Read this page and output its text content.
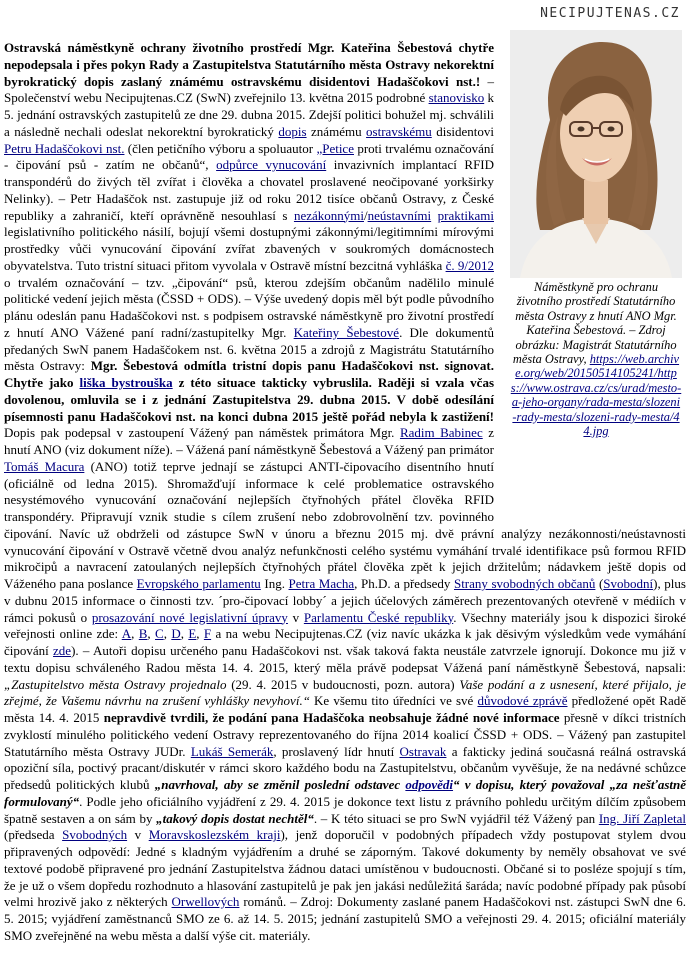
NECIPUJTENAS.CZ
Náměstkyně pro ochranu životního prostředí Statutárního města Ostravy z hnutí ANO Mgr. Kateřina Šebestová. – Zdroj obrázku: Magistrát Statutárního města Ostravy, https://web.archive.org/web/20150514105241/https://www.ostrava.cz/cs/urad/mesto-a-jeho-organy/rada-mesta/slozeni-rady-mesta/slozeni-rady-mesta/44.jpg

Ostravská náměstkyně ochrany životního prostředí Mgr. Kateřina Šebestová chytře nepodepsala i přes pokyn Rady a Zastupitelstva Statutárního města Ostravy nekorektní byrokratický dopis zaslaný známému ostravskému disidentovi Hadaščokovi nst.! – Společenství webu Necipujtenas.CZ (SwN) zveřejnilo 13. května 2015 podrobné stanovisko k 5. jednání ostravských zastupitelů ze dne 29. dubna 2015. Zdejší politici bohužel mj. schválili a následně nechali odeslat nekorektní byrokratický dopis známému ostravskému disidentovi Petru Hadaščokovi nst. (člen petičního výboru a spoluautor „Petice proti trvalému označování - čipování psů - zatím ne občanů“, odpůrce vynucování invazivních implantací RFID transpondérů do živých těl zvířat i člověka a chovatel proslavené neočipované yorkširky Nelinky). – Petr Hadaščok nst. zastupuje již od roku 2012 tisíce občanů Ostravy, z České republiky a zahraničí, kteří oprávněně nesouhlasí s nezákonnými/neústavními praktikami legislativního politického násilí, bojují všemi dostupnými zákonnými/legitimními mírovými prostředky vůči vynucování čipování zvířat zbavených v soukromých domácnostech obyvatelstva. Tuto tristní situaci přitom vyvolala v Ostravě místní bezcitná vyhláška č. 9/2012 o trvalém označování – tzv. „čipování“ psů, kterou zdejším občanům nadělilo minulé politické vedení jejich města (ČSSD + ODS). – Výše uvedený dopis měl být podle původního plánu odeslán panu Hadaščokovi nst. s podpisem ostravské náměstkyně pro životní prostředí z hnutí ANO Vážené paní radní/zastupitelky Mgr. Kateřiny Šebestové. Dle dokumentů předaných SwN panem Hadaščokem nst. 6. května 2015 a zdrojů z Magistrátu Statutárního města Ostravy: Mgr. Šebestová odmítla tristní dopis panu Hadaščokovi nst. signovat. Chytře jako liška bystrouška z této situace takticky vybruslila. Raději si vzala včas dovolenou, omluvila se i z jednání Zastupitelstva 29. dubna 2015. V době odesílání písemnosti panu Hadaščokovi nst. na konci dubna 2015 ještě pořád nebyla k zastižení! Dopis pak podepsal v zastoupení Vážený pan náměstek primátora Mgr. Radim Babinec z hnutí ANO (viz dokument níže). – Vážená paní náměstkyně Šebestová a Vážený pan primátor Tomáš Macura (ANO) totiž teprve jednají se zástupci ANTI-čipovacího disentního hnutí (oficiálně od ledna 2015). Shromažďují informace k celé problematice ostravského nesystémového vynucování označování nejlepších čtyřnohých přátel člověka RFID transpondéry. Připravují vznik studie s cílem zrušení nebo zdobrovolnění tzv. povinného čipování. Navíc už obdrželi od zástupce SwN v únoru a březnu 2015 mj. dvě právní analýzy nezákonnosti/neústavnosti vynucování čipování v Ostravě včetně dvou analýz nefunkčnosti celého systému vymáhání trvalé identifikace psů formou RFID mikročipů a navracení zatoulaných nejlepších čtyřnohých přátel člověka zpět k jejich držitelům; nádavkem ještě dopis od Váženého pana poslance Evropského parlamentu Ing. Petra Macha, Ph.D. a předsedy Strany svobodných občanů (Svobodní), plus v dubnu 2015 informace o činnosti tzv. ´pro-čipovací lobby´ a jejich účelových záměrech prezentovaných otevřeně v médiích v rámci pokusů o prosazování nové legislativní úpravy v Parlamentu České republiky. Všechny materiály jsou k dispozici široké veřejnosti online zde: A, B, C, D, E, F a na webu Necipujtenas.CZ (viz navíc ukázka k jak děsivým výsledkům vede vymáhání čipování zde). – Autoři dopisu určeného panu Hadaščokovi nst. však taková fakta neustále zatvrzele ignorují. Dokonce mu již v textu dopisu schváleného Radou města 14. 4. 2015, který měla právě podepsat Vážená paní náměstkyně Šebestová, napsali: „Zastupitelstvo města Ostravy projednalo (29. 4. 2015 v budoucnosti, pozn. autora) Vaše podání a z usnesení, které přijalo, je zřejmé, že Vašemu návrhu na zrušení vyhlášky nevyhoví.“ Ke všemu tito úředníci ve své důvodové zprávě předložené opět Radě města 14. 4. 2015 nepravdivě tvrdili, že podání pana Hadaščoka neobsahuje žádné nové informace přesně v díkci tristních zvyklostí minulého politického vedení Ostravy reprezentovaného do října 2014 koalicí ČSSD + ODS. – Vážený pan zastupitel Statutárního města Ostravy JUDr. Lukáš Semerák, proslavený lídr hnutí Ostravak a fakticky jediná současná reálná ostravská opoziční síla, poctivý pracant/diskutér v rámci skoro každého bodu na Zastupitelstvu, občanům vyvěšuje, že na nedávné schůzce předsedů politických klubů „navrhoval, aby se změnil poslední odstavec odpovědi“ v dopisu, který považoval „za nešťastně formulovaný“. Podle jeho oficiálního vyjádření z 29. 4. 2015 je dokonce text listu z právního pohledu určitým dílčím způsobem špatně sestaven a on sám by „takový dopis dostat nechtěl“. – K této situaci se pro SwN vyjádřil též Vážený pan Ing. Jiří Zapletal (předseda Svobodných v Moravskoslezském kraji), jenž doporučil v podobných případech vždy postupovat stylem dvou připravených odpovědí: Jedné s kladným vyjádřením a druhé se záporným. Takové dokumenty by neměly obsahovat ve své textové podobě připravené pro jednání Zastupitelstva žádnou dataci umístěnou v budoucnosti. Občané si to posléze spojují s tím, že je už o všem dopředu rozhodnuto a hlasování zastupitelů je pak jen jakási nedůležitá šaráda; navíc podobné případy pak působí velmi hrozivě jako z některých Orwellových románů. – Zdroj: Dokumenty zaslané panem Hadaščokovi nst. zástupci SwN dne 6. 5. 2015; vyjádření zaměstnanců SMO ze 6. až 14. 5. 2015; jednání zastupitelů SMO a veřejnosti 29. 4. 2015; oficiální materiály SMO zveřejněné na webu města a další výše cit. materiály.
